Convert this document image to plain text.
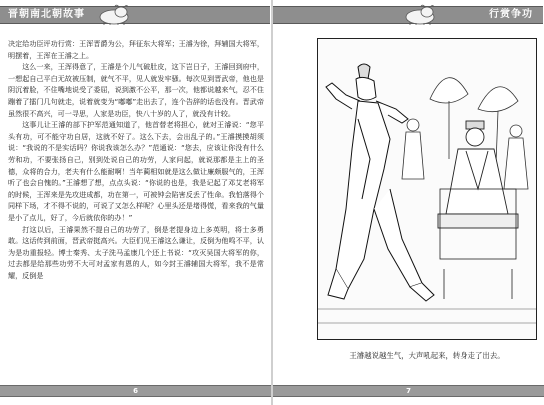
晋朝南北朝故事

决定给功臣评功行赏：王浑晋爵为公，拜征东大将军；王濬为徐，拜辅国大将军，明摆着，王浑在王濬之上。

这么一来，王浑得意了，王濬是个儿气破肚皮，这下岂日子，王濬回到府中，一想起自己平白无故被压制，就气不平，见人就发牢骚。每次见到晋武帝，他也是阴沉着脸，不住嘴地说受了委屈，说到激不公平，那一次，他都说越来气，忍不住蹦着了擂门几句就走，说着就变为“嘟嘟”走出去了，连个告辞的话也没有。晋武帝虽然很不高兴，可一寻思，人家是功臣，快八十岁的人了，就没有计较。

这事儿让王濬的部下护军范通知道了，他首替老将担心，就对王濬说：“您平头有功，可不能守功自居，这就不好了。这么下去，会出乱子的。”王濬摸摸胡须说：“我说的不是实话吗？你说我该怎么办？”范通说：“您去，应该让你没有什么劳和功，不要张扬自己，别到处说自己的功劳，人家问起，就说那都是主上的圣德，众将的合力，老夫有什么能耐啊！当年蔺相如就是这么做让廉颇服气的，王浑听了也会自愧的。”王濬想了想，点点头说：“你说的也是，我是记起了邓艾老将军的时候，王浑来是先攻进成都，功在第一，可被钟会陷害反丢了性命。我怕落得个同样下场，才不得不说的，可说了又怎么样呢？心里头还是堵得慌，看来我的气量是小了点儿，好了，今后就依你的办！”

打这以后，王濬果然不提自己的功劳了，倒是老提身边上多英明，将士多勇敢。这话传到前面，晋武帝挺高兴。大臣们见王濬这么谦让，反倒为他鸣不平，认为是功重报轻。博士秦秀、太子洗马孟康几个还上书说：“攻灭吴国大将军的你，过去都是给那些功劳不大可对孟家有恩的人，如今封王濬辅国大将军，我不是常耀，反倒是

6
行赏争功
王濬越说越生气，大声吼起来，转身走了出去。
7
